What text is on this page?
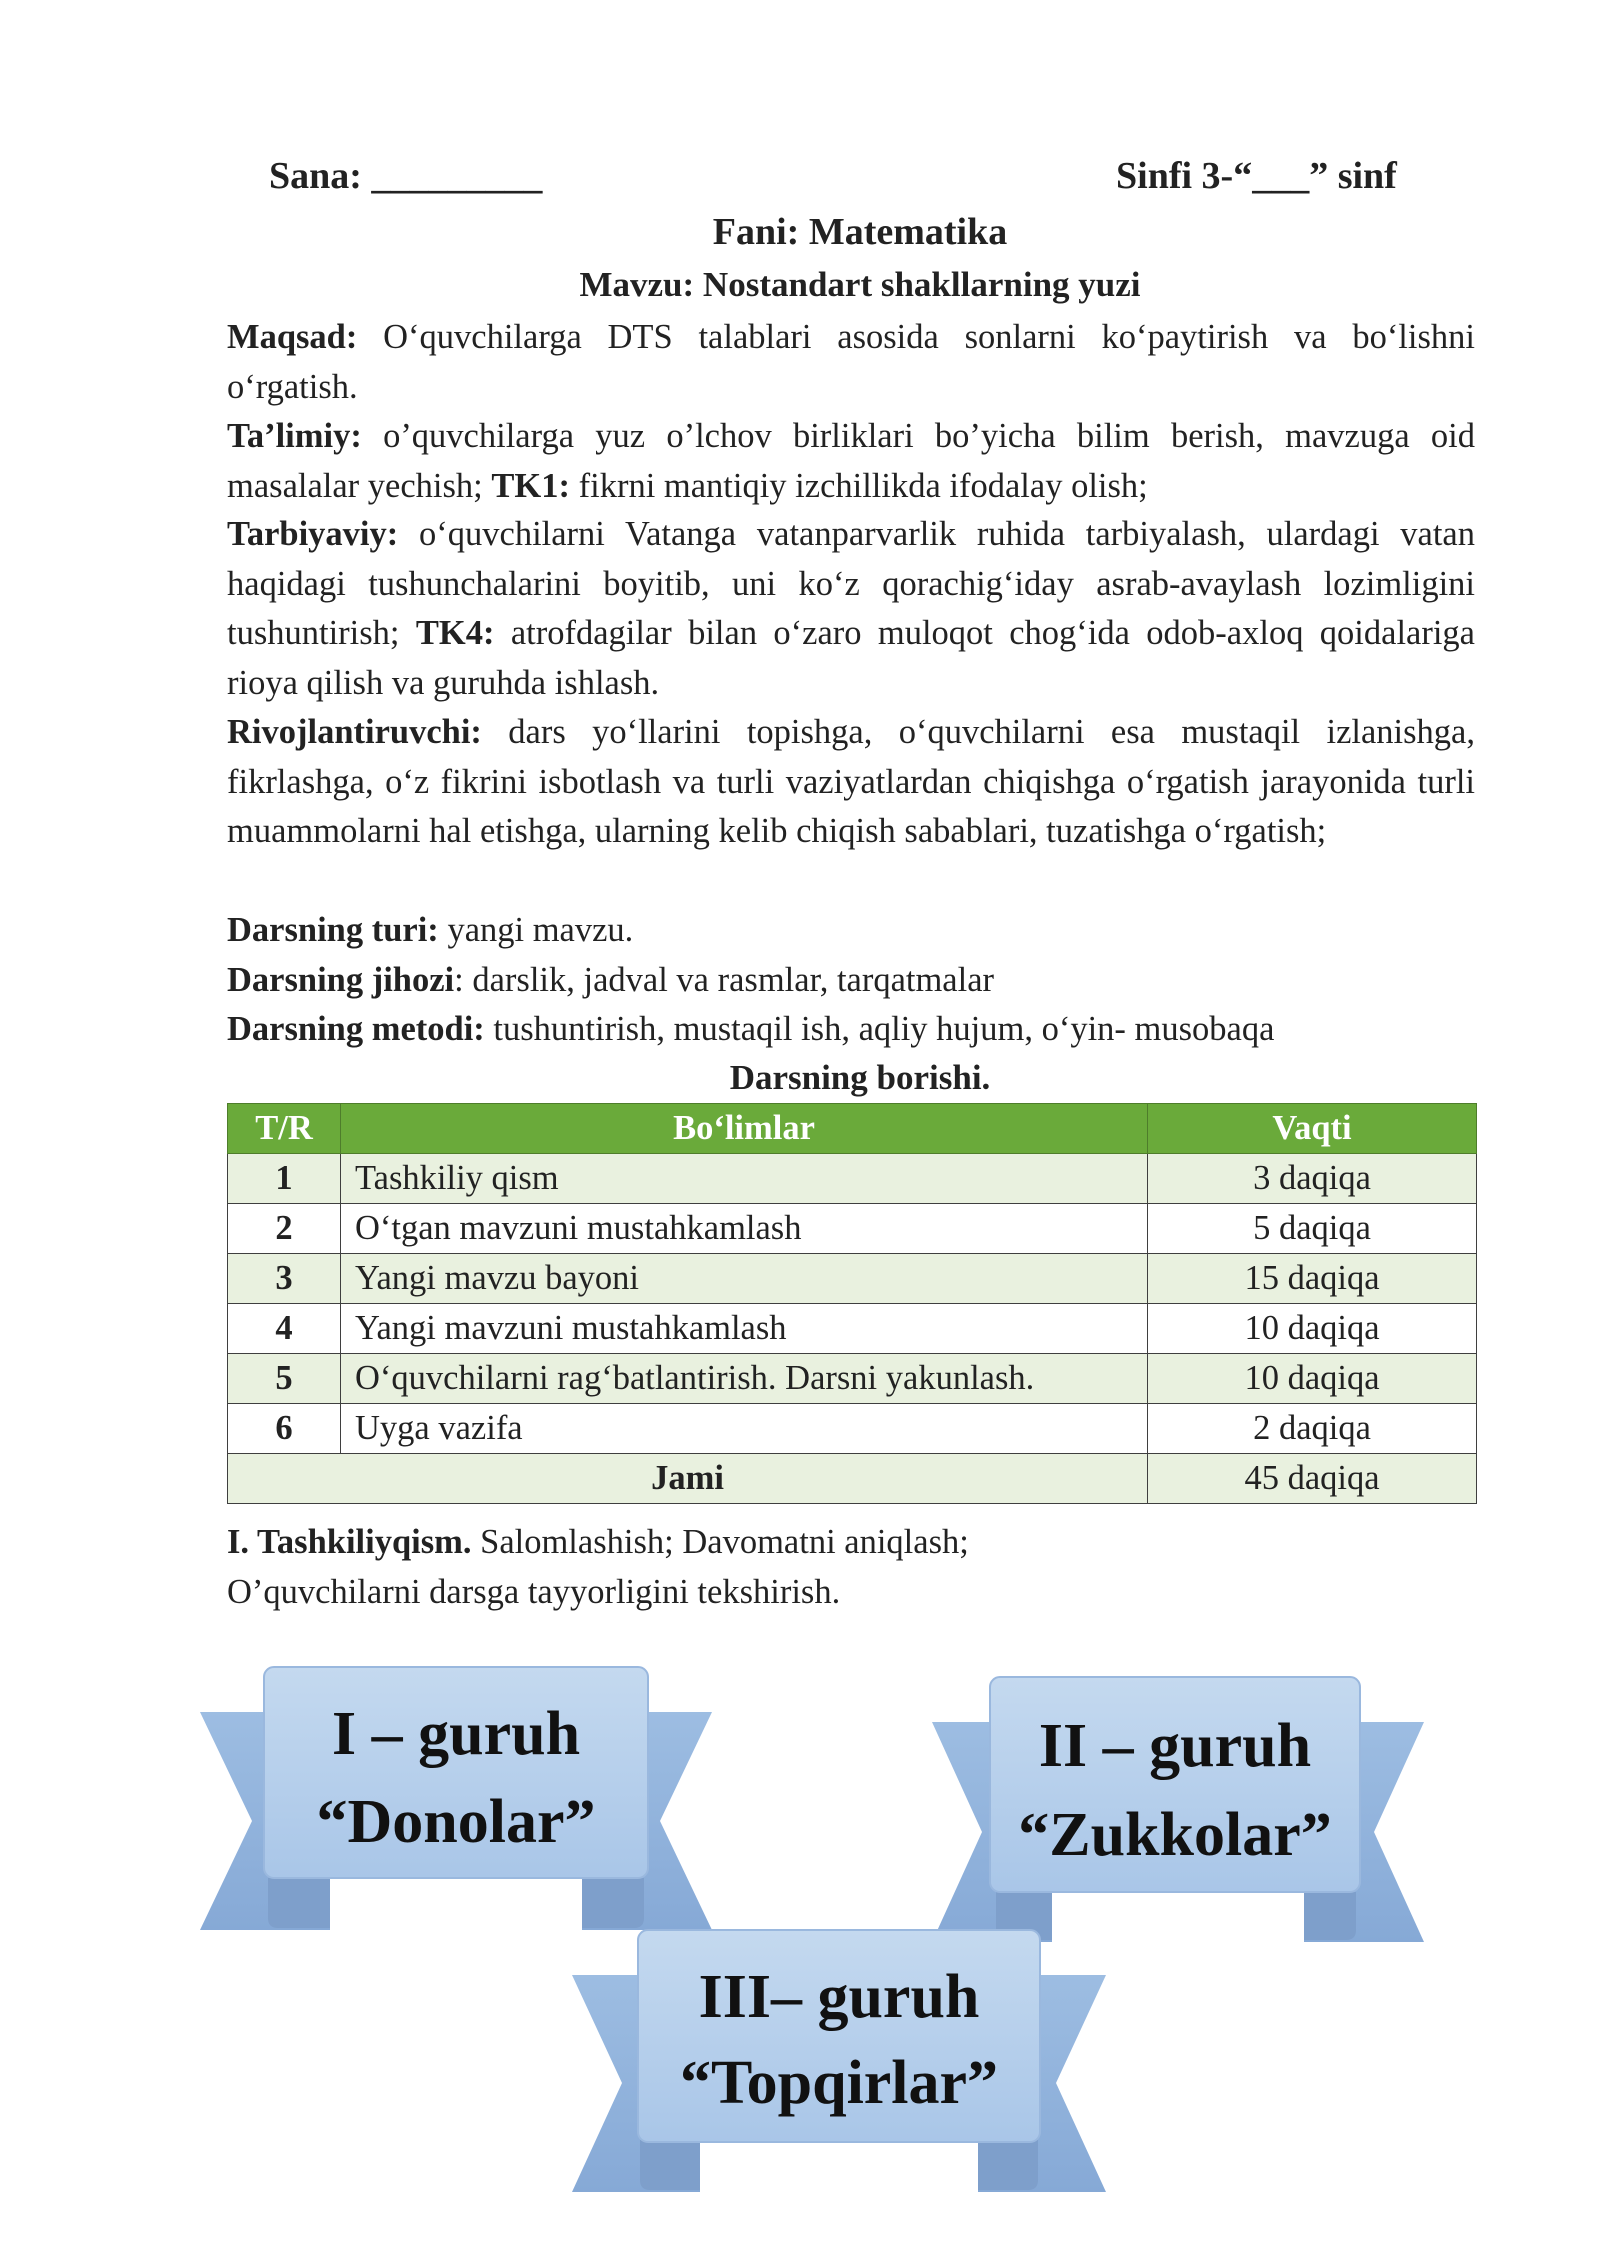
Sana: _________	Sinfi 3-“___” sinf
Fani: Matematika
Mavzu: Nostandart shakllarning yuzi
Maqsad: O‘quvchilarga DTS talablari asosida sonlarni ko‘paytirish va bo‘lishni o‘rgatish.
Ta’limiy: o’quvchilarga yuz o’lchov birliklari bo’yicha bilim berish, mavzuga oid masalalar yechish; TK1: fikrni mantiqiy izchillikda ifodalay olish;
Tarbiyaviy: o‘quvchilarni Vatanga vatanparvarlik ruhida tarbiyalash, ulardagi vatan haqidagi tushunchalarini boyitib, uni ko‘z qorachig‘iday asrab-avaylash lozimligini tushuntirish; TK4: atrofdagilar bilan o‘zaro muloqot chog‘ida odob-axloq qoidalariga rioya qilish va guruhda ishlash.
Rivojlantiruvchi: dars yo‘llarini topishga, o‘quvchilarni esa mustaqil izlanishga, fikrlashga, o‘z fikrini isbotlash va turli vaziyatlardan chiqishga o‘rgatish jarayonida turli muammolarni hal etishga, ularning kelib chiqish sabablari, tuzatishga o‘rgatish;
Darsning turi: yangi mavzu.
Darsning jihozi: darslik, jadval va rasmlar, tarqatmalar
Darsning metodi: tushuntirish, mustaqil ish, aqliy hujum, o‘yin- musobaqa
Darsning borishi.
T/R	Bo‘limlar	Vaqti
1	Tashkiliy qism	3 daqiqa
2	O‘tgan mavzuni mustahkamlash	5 daqiqa
3	Yangi mavzu bayoni	15 daqiqa
4	Yangi mavzuni mustahkamlash	10 daqiqa
5	O‘quvchilarni rag‘batlantirish. Darsni yakunlash.	10 daqiqa
6	Uyga vazifa	2 daqiqa
Jami		45 daqiqa
I. Tashkiliyqism. Salomlashish; Davomatni aniqlash;
O’quvchilarni darsga tayyorligini tekshirish.
I – guruh
“Donolar”
II – guruh
“Zukkolar”
III– guruh
“Topqirlar”
